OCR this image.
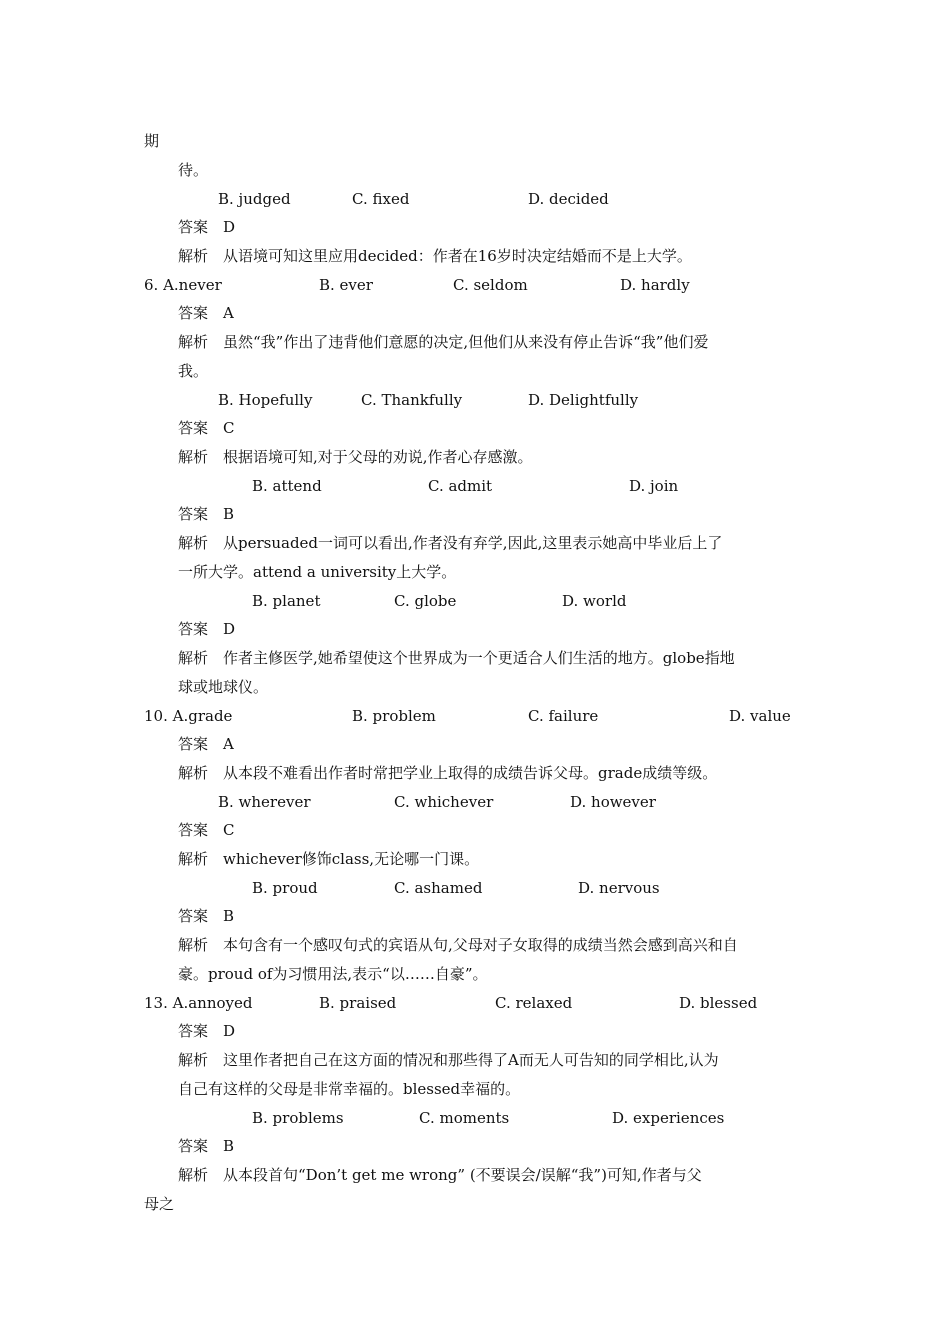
期
待。
B. judged	C. fixed	D. decided
答案　D
解析　从语境可知这里应用decided：作者在16岁时决定结婚而不是上大学。
6. A.never	B. ever	C. seldom	D. hardly
答案　A
解析　虽然“我”作出了违背他们意愿的决定,但他们从来没有停止告诉“我”他们爱
我。
B. Hopefully	C. Thankfully	D. Delightfully
答案　C
解析　根据语境可知,对于父母的劝说,作者心存感激。
B. attend	C. admit	D. join
答案　B
解析　从persuaded一词可以看出,作者没有弃学,因此,这里表示她高中毕业后上了
一所大学。attend a university上大学。
B. planet	C. globe	D. world
答案　D
解析　作者主修医学,她希望使这个世界成为一个更适合人们生活的地方。globe指地
球或地球仪。
10. A.grade	B. problem	C. failure	D. value
答案　A
解析　从本段不难看出作者时常把学业上取得的成绩告诉父母。grade成绩等级。
B. wherever	C. whichever	D. however
答案　C
解析　whichever修饰class,无论哪一门课。
B. proud	C. ashamed	D. nervous
答案　B
解析　本句含有一个感叹句式的宾语从句,父母对子女取得的成绩当然会感到高兴和自
豪。proud of为习惯用法,表示“以……自豪”。
13. A.annoyed	B. praised	C. relaxed	D. blessed
答案　D
解析　这里作者把自己在这方面的情况和那些得了A而无人可告知的同学相比,认为
自己有这样的父母是非常幸福的。blessed幸福的。
B. problems	C. moments	D. experiences
答案　B
解析　从本段首句“Don’t get me wrong” (不要误会/误解“我”)可知,作者与父
母之
